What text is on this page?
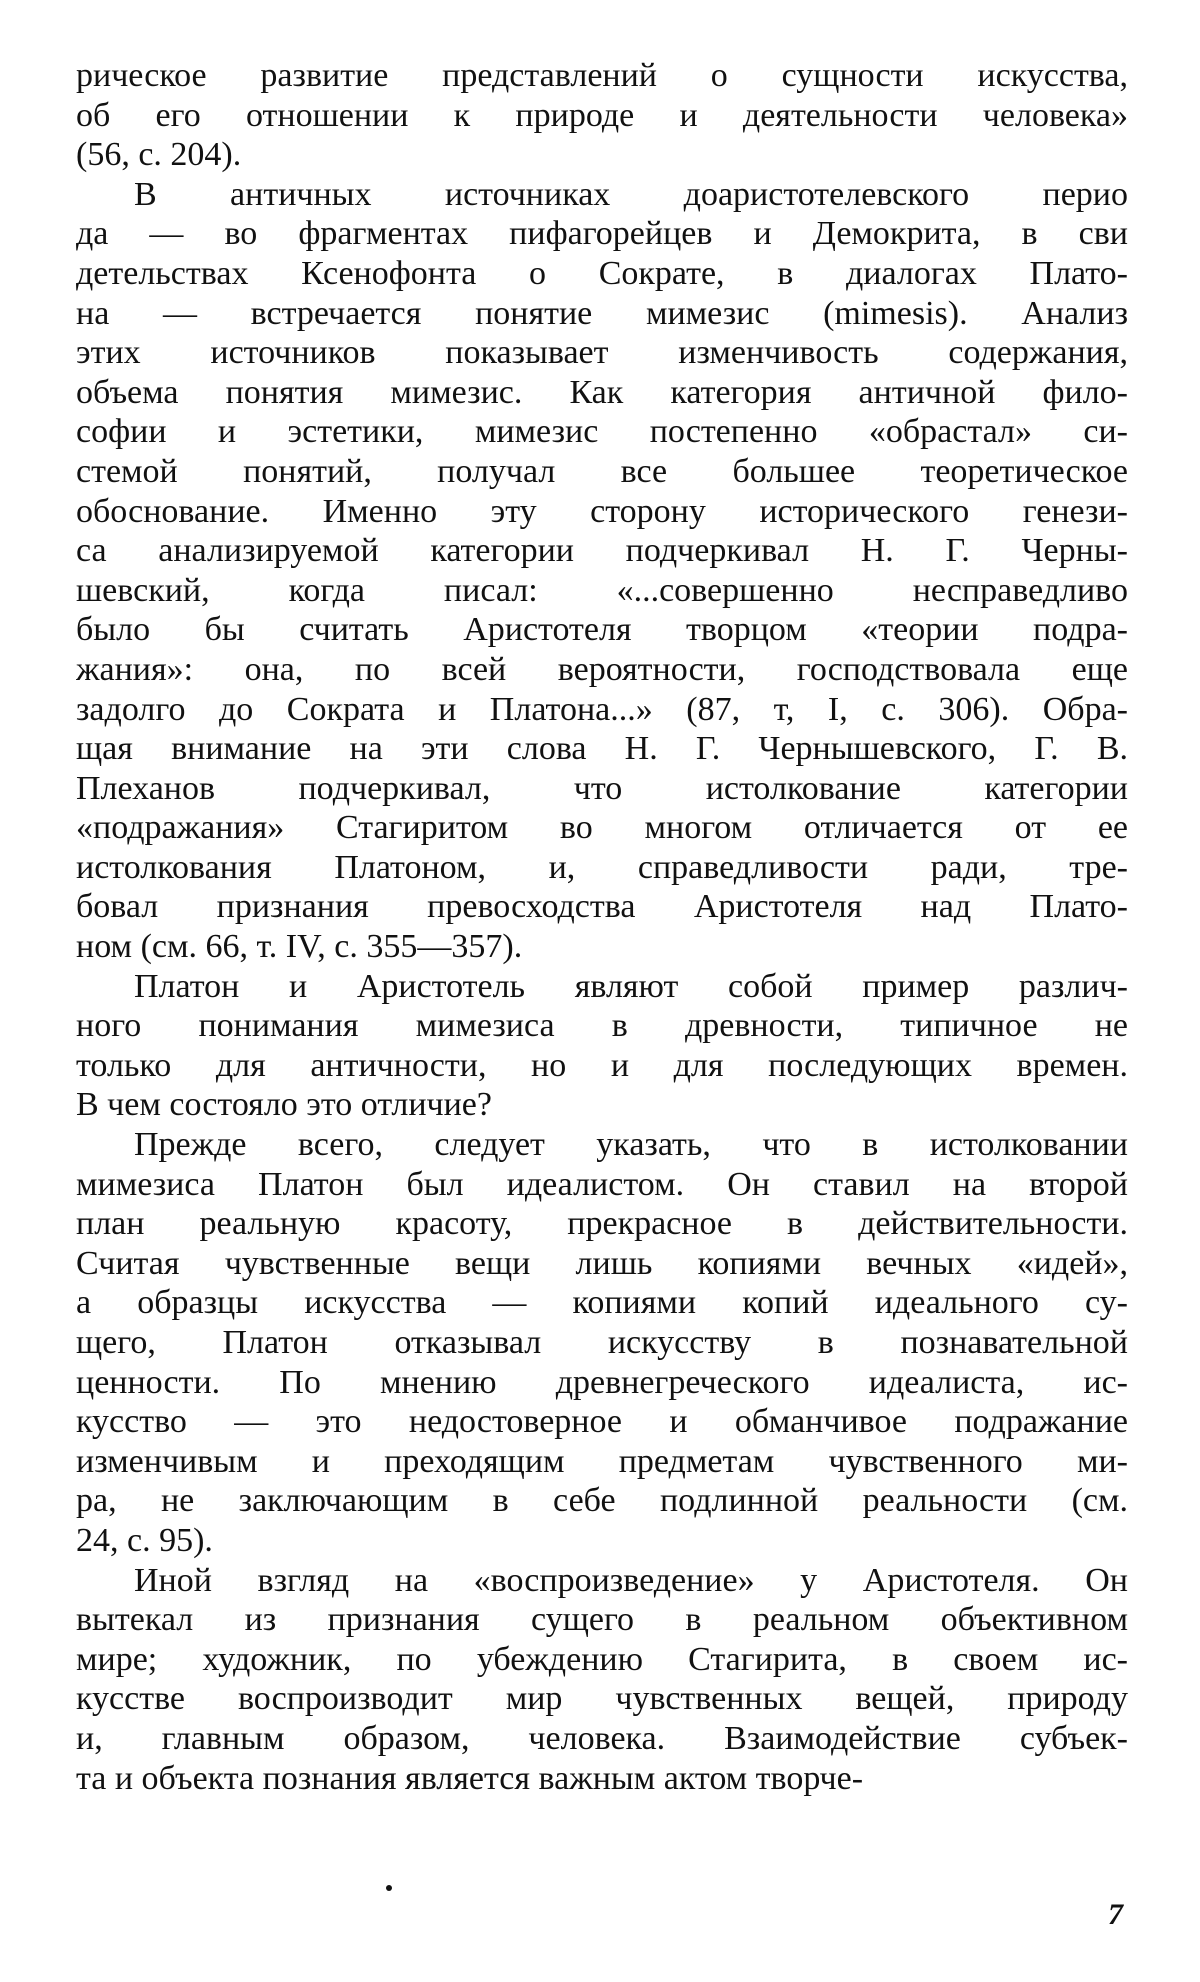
рическое развитие представлений о сущности искусства,
об его отношении к природе и деятельности человека»
(56, с. 204).
В античных источниках доаристотелевского перио
да — во фрагментах пифагорейцев и Демокрита, в сви
детельствах Ксенофонта о Сократе, в диалогах Плато-
на — встречается понятие мимезис (mimesis). Анализ
этих источников показывает изменчивость содержания,
объема понятия мимезис. Как категория античной фило-
софии и эстетики, мимезис постепенно «обрастал» си-
стемой понятий, получал все большее теоретическое
обоснование. Именно эту сторону исторического генези-
са анализируемой категории подчеркивал Н. Г. Черны-
шевский, когда писал: «...совершенно несправедливо
было бы считать Аристотеля творцом «теории подра-
жания»: она, по всей вероятности, господствовала еще
задолго до Сократа и Платона...» (87, т, I, с. 306). Обра-
щая внимание на эти слова Н. Г. Чернышевского, Г. В.
Плеханов подчеркивал, что истолкование категории
«подражания» Стагиритом во многом отличается от ее
истолкования Платоном, и, справедливости ради, тре-
бовал признания превосходства Аристотеля над Плато-
ном (см. 66, т. IV, с. 355—357).
Платон и Аристотель являют собой пример различ-
ного понимания мимезиса в древности, типичное не
только для античности, но и для последующих времен.
В чем состояло это отличие?
Прежде всего, следует указать, что в истолковании
мимезиса Платон был идеалистом. Он ставил на второй
план реальную красоту, прекрасное в действительности.
Считая чувственные вещи лишь копиями вечных «идей»,
а образцы искусства — копиями копий идеального су-
щего, Платон отказывал искусству в познавательной
ценности. По мнению древнегреческого идеалиста, ис-
кусство — это недостоверное и обманчивое подражание
изменчивым и преходящим предметам чувственного ми-
ра, не заключающим в себе подлинной реальности (см.
24, с. 95).
Иной взгляд на «воспроизведение» у Аристотеля. Он
вытекал из признания сущего в реальном объективном
мире; художник, по убеждению Стагирита, в своем ис-
кусстве воспроизводит мир чувственных вещей, природу
и, главным образом, человека. Взаимодействие субъек-
та и объекта познания является важным актом творче-
7
